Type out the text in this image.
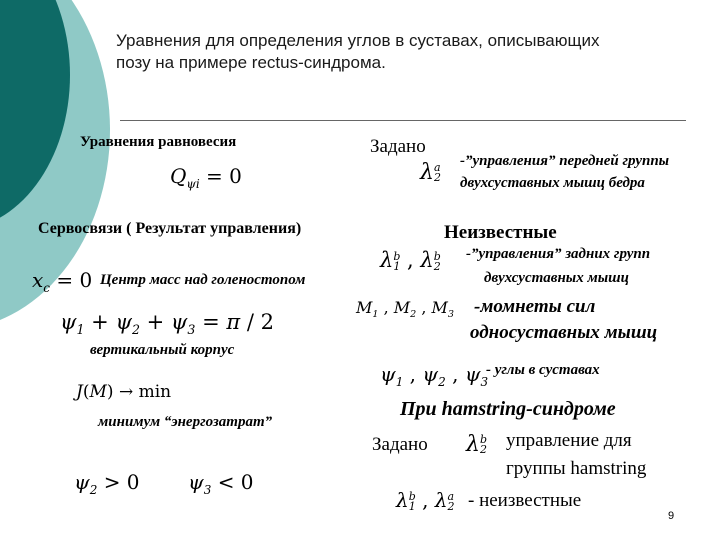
Уравнения для определения углов в суставах, описывающих позу на примере rectus-синдрома.
Уравнения равновесия
$Q_{\psi i} = 0$
Сервосвязи ( Результат управления)
$x_c = 0$ Центр масс над голеностопом
$\psi_1 + \psi_2 + \psi_3 = \pi / 2$
вертикальный корпус
J(M) → min
минимум “энергозатрат”
$\psi_2 > 0$ $\psi_3 < 0$
Задано
λ a
2
-”управления” передней группы двухсуставных мышц бедра
Неизвестные
λ b
1 , λ b
2
-”управления” задних групп
двухсуставных мышц
$M_1$ , $M_2$ , $M_3$ -момнеты сил
односуставных мышц
$\psi_1$ , $\psi_2$ , $\psi_3$
- углы в суставах
При hamstring-синдроме
Задано λ b
2 управление для
группы hamstring
λ b
1 , λ a
2 - неизвестные
9
